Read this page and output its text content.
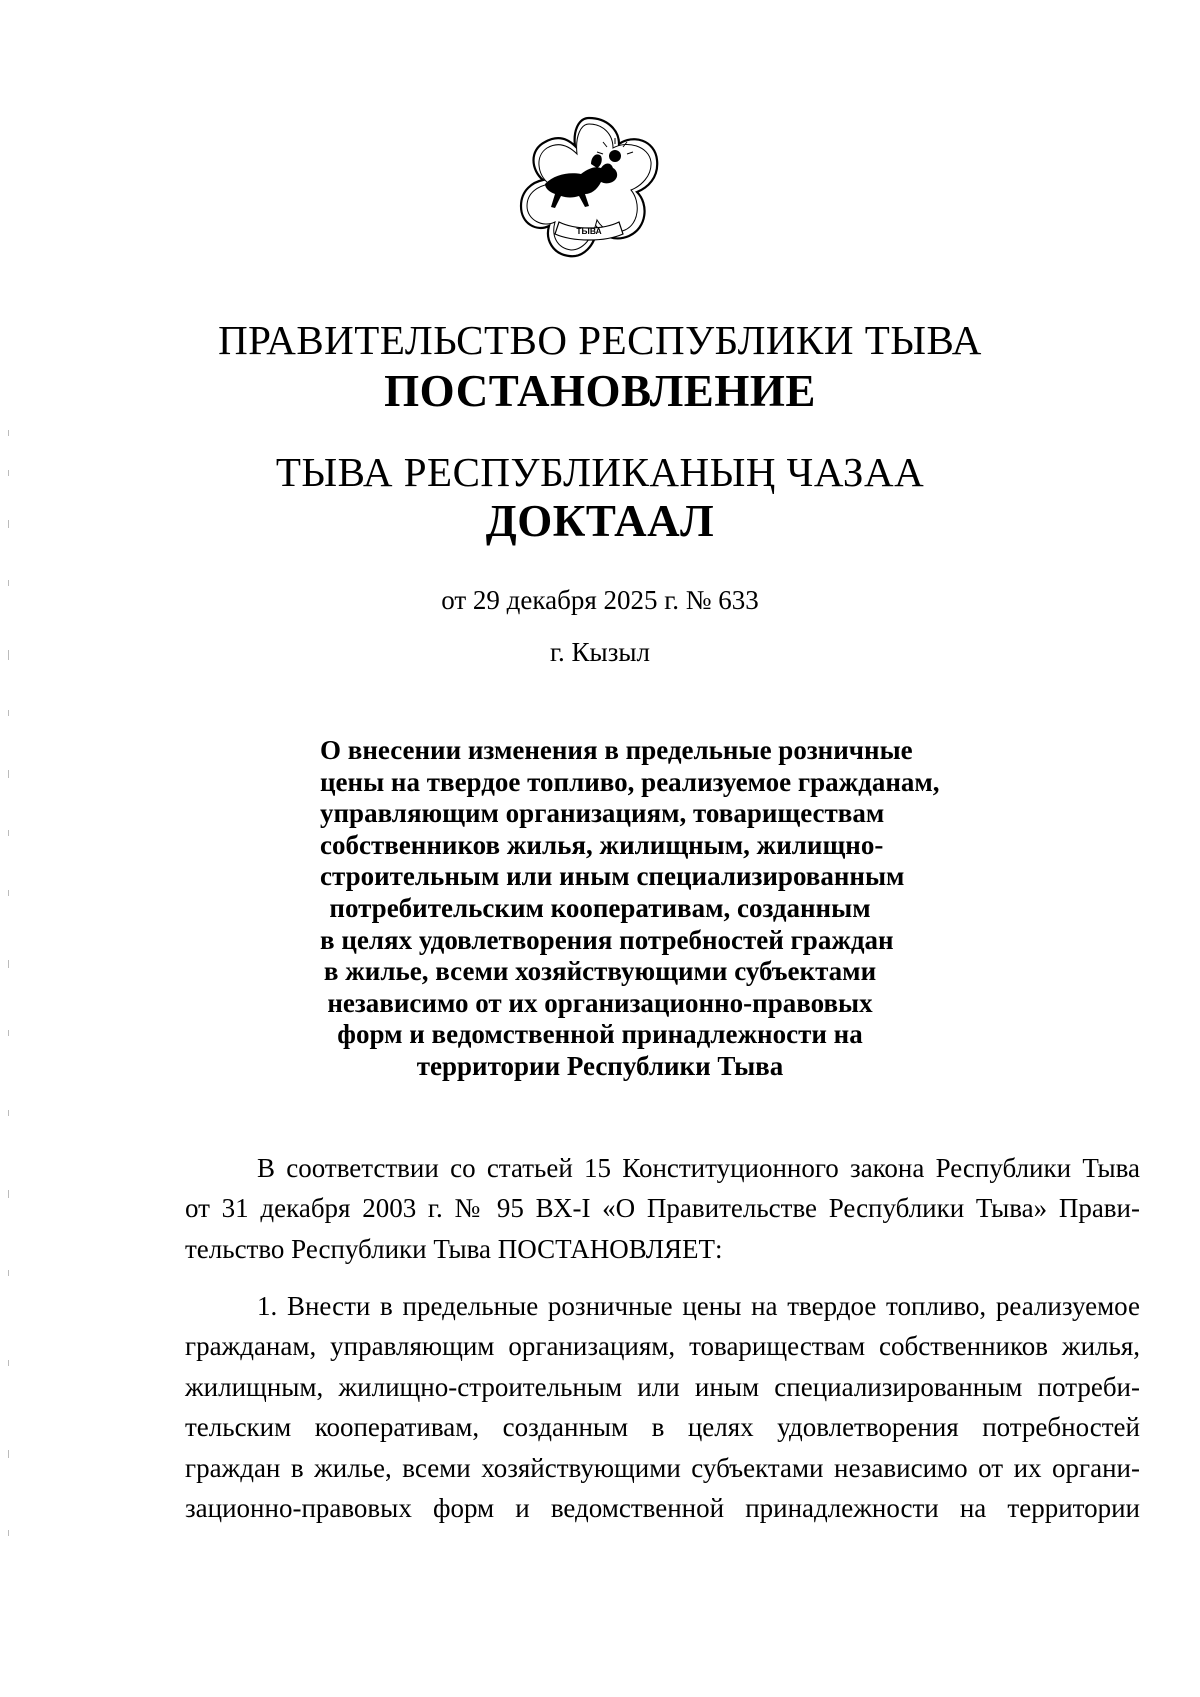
ТЫВА
ПРАВИТЕЛЬСТВО РЕСПУБЛИКИ ТЫВА
ПОСТАНОВЛЕНИЕ
ТЫВА РЕСПУБЛИКАНЫҢ ЧАЗАА
ДОКТААЛ
от 29 декабря 2025 г. № 633
г. Кызыл
О внесении изменения в предельные розничные
цены на твердое топливо, реализуемое гражданам,
управляющим организациям, товариществам
собственников жилья, жилищным, жилищно-
строительным или иным специализированным
потребительским кооперативам, созданным
в целях удовлетворения потребностей граждан
в жилье, всеми хозяйствующими субъектами
независимо от их организационно-правовых
форм и ведомственной принадлежности на
территории Республики Тыва
В соответствии со статьей 15 Конституционного закона Республики Тыва
от 31 декабря 2003 г. № 95 ВХ-I «О Правительстве Республики Тыва» Прави-
тельство Республики Тыва ПОСТАНОВЛЯЕТ:
1. Внести в предельные розничные цены на твердое топливо, реализуемое
гражданам, управляющим организациям, товариществам собственников жилья,
жилищным, жилищно-строительным или иным специализированным потреби-
тельским кооперативам, созданным в целях удовлетворения потребностей
граждан в жилье, всеми хозяйствующими субъектами независимо от их органи-
зационно-правовых форм и ведомственной принадлежности на территории
